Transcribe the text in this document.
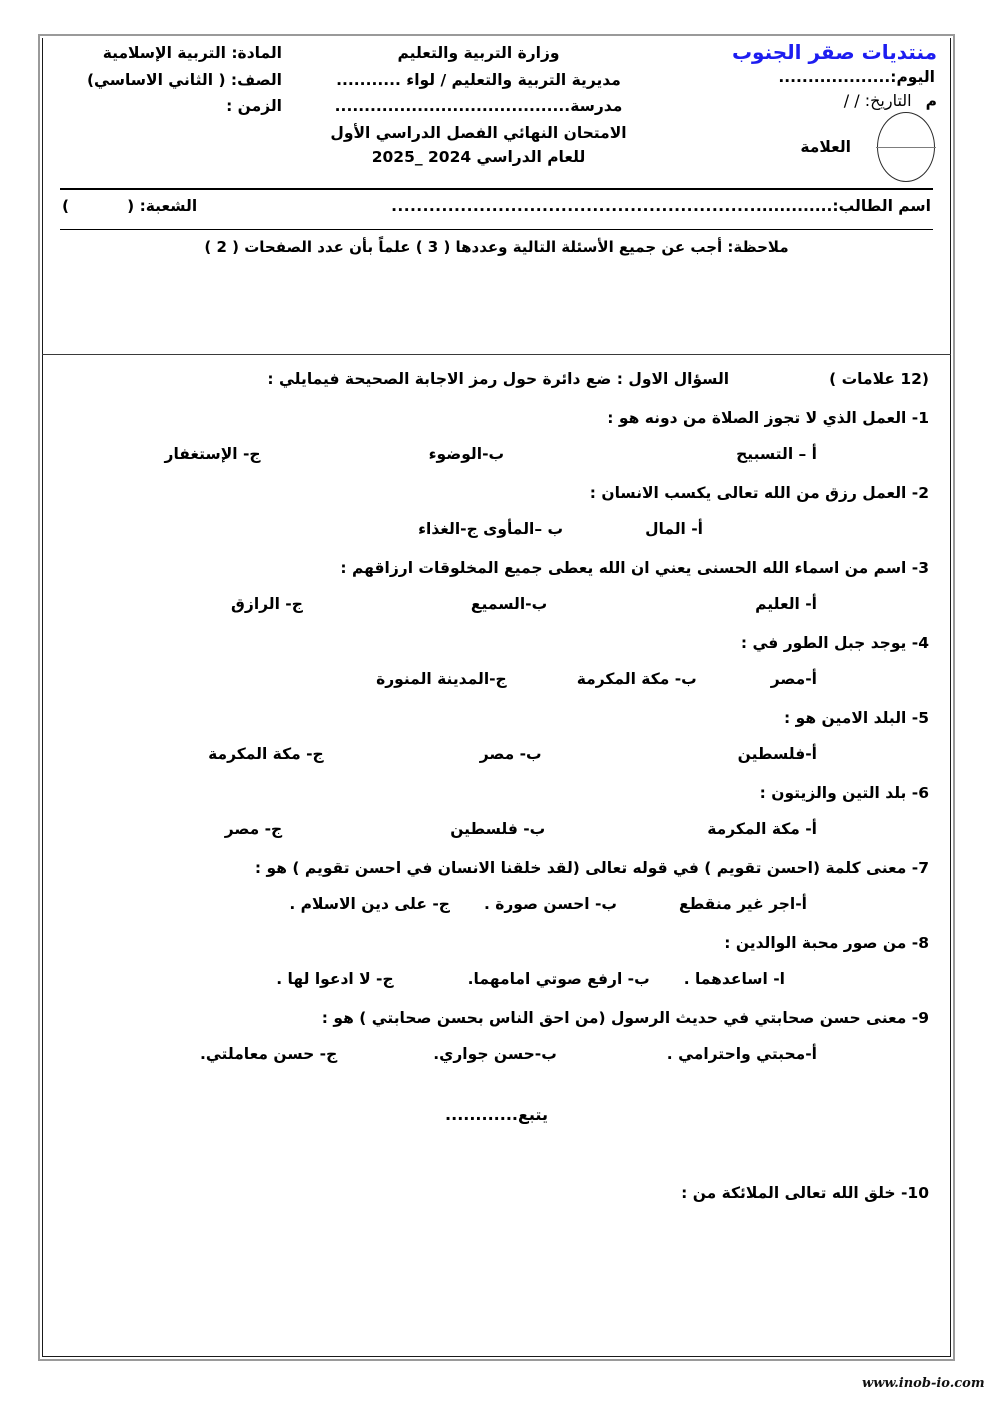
منتديات صقر الجنوب
اليوم:...................
م
التاريخ: / /
العلامة
وزارة التربية والتعليم
مديرية التربية والتعليم / لواء ...........
مدرسة........................................
الامتحان النهائي الفصل الدراسي الأول
للعام الدراسي 2024 _2025
المادة: التربية الإسلامية
الصف: ( الثاني الاساسي)
الزمن :
اسم الطالب:.............
..........................................................
الشعبة: (
)
ملاحظة: أجب عن جميع الأسئلة التالية وعددها ( 3 ) علماً بأن عدد الصفحات ( 2 )
(12 علامات )
السؤال الاول : ضع دائرة حول رمز الاجابة الصحيحة فيمايلي :
1- العمل الذي لا تجوز الصلاة من دونه هو :
أ – التسبيح
ب-الوضوء
ج- الإستغفار
2- العمل رزق من الله تعالى يكسب الانسان :
أ- المال
ب –المأوى ج-الغذاء
3- اسم من اسماء الله الحسنى يعني ان الله يعطى جميع المخلوقات ارزاقهم :
أ- العليم
ب-السميع
ج- الرازق
4- يوجد جبل الطور في :
أ-مصر
ب- مكة المكرمة
ج-المدينة المنورة
5- البلد الامين هو :
أ-فلسطين
ب- مصر
ج- مكة المكرمة
6- بلد التين والزيتون :
أ- مكة المكرمة
ب- فلسطين
ج- مصر
7- معنى كلمة (احسن تقويم ) في قوله تعالى (لقد خلقنا الانسان في احسن تقويم ) هو :
أ-اجر غير منقطع
ب- احسن صورة .
ج- على دين الاسلام .
8- من صور محبة الوالدين :
ا- اساعدهما .
ب- ارفع صوتي امامهما.
ج- لا ادعوا لها .
9- معنى حسن صحابتي في حديث الرسول (من احق الناس بحسن صحابتي ) هو :
أ-محبتي واحترامي .
ب-حسن جواري.
ج- حسن معاملتي.
يتبع............
10- خلق الله تعالى الملائكة من :
www.inob-io.com
